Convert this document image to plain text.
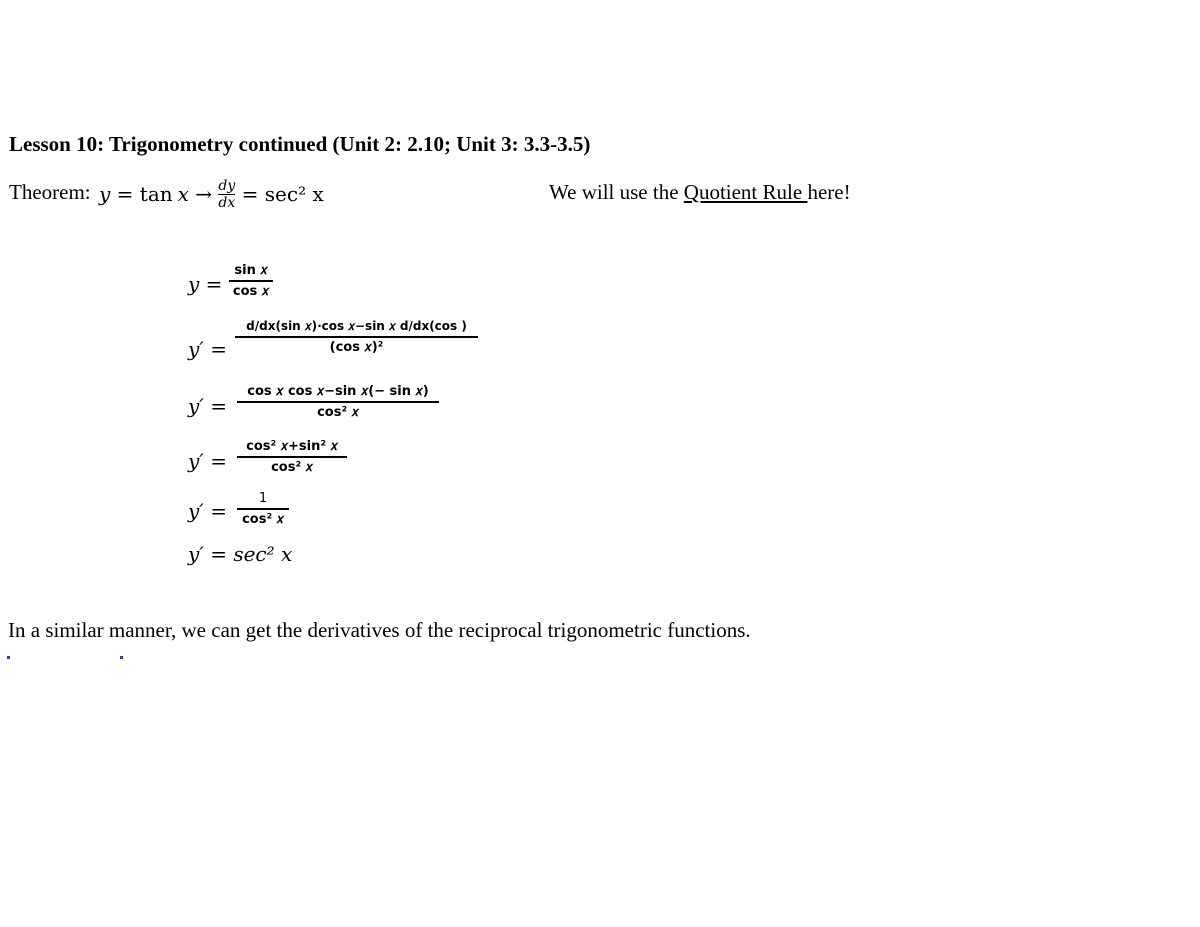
Lesson 10: Trigonometry continued (Unit 2: 2.10; Unit 3: 3.3-3.5)
Theorem: $y = \tan x \to \frac{dy}{dx} = \sec^2$ x	We will use the Quotient Rule here!
y =
sin 𝑥
cos 𝑥
y′ =
d/dx(sin 𝑥)∙cos 𝑥−sin 𝑥 d/dx(cos )
(cos 𝑥)²
y′ =
cos 𝑥 cos 𝑥−sin 𝑥(− sin 𝑥)
cos² 𝑥
y′ =
cos² 𝑥+sin² 𝑥
cos² 𝑥
y′ =
1
cos² 𝑥
y′ = sec² 𝑥
In a similar manner, we can get the derivatives of the reciprocal trigonometric functions.
